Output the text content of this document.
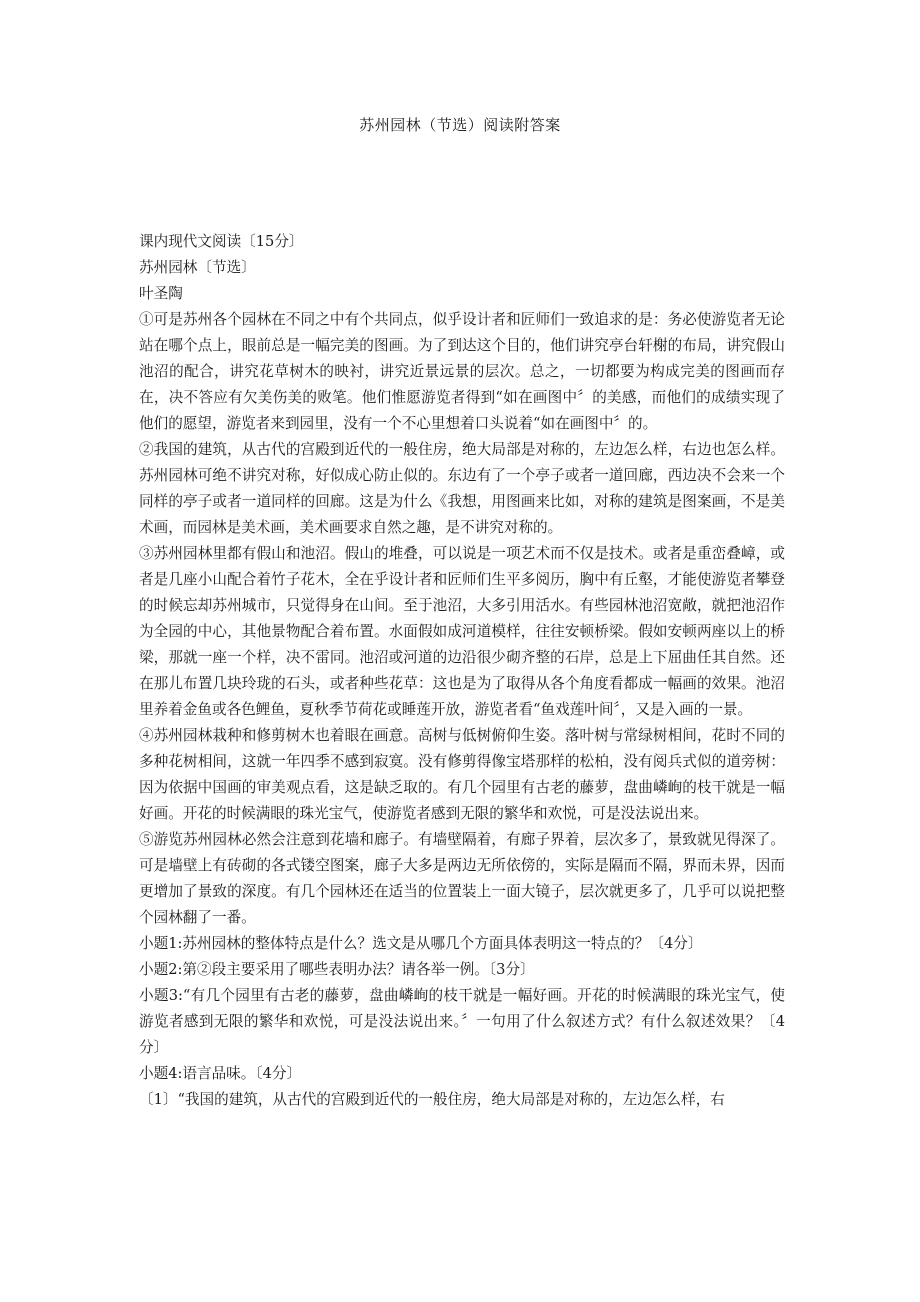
苏州园林（节选）阅读附答案

课内现代文阅读〔15分〕

苏州园林〔节选〕

叶圣陶

①可是苏州各个园林在不同之中有个共同点，似乎设计者和匠师们一致追求的是：务必使游览者无论站在哪个点上，眼前总是一幅完美的图画。为了到达这个目的，他们讲究亭台轩榭的布局，讲究假山池沼的配合，讲究花草树木的映衬，讲究近景远景的层次。总之，一切都要为构成完美的图画而存在，决不答应有欠美伤美的败笔。他们惟愿游览者得到“如在画图中〞的美感，而他们的成绩实现了他们的愿望，游览者来到园里，没有一个不心里想着口头说着“如在画图中〞的。

②我国的建筑，从古代的宫殿到近代的一般住房，绝大局部是对称的，左边怎么样，右边也怎么样。苏州园林可绝不讲究对称，好似成心防止似的。东边有了一个亭子或者一道回廊，西边决不会来一个同样的亭子或者一道同样的回廊。这是为什么《我想，用图画来比如，对称的建筑是图案画，不是美术画，而园林是美术画，美术画要求自然之趣，是不讲究对称的。

③苏州园林里都有假山和池沼。假山的堆叠，可以说是一项艺术而不仅是技术。或者是重峦叠嶂，或者是几座小山配合着竹子花木，全在乎设计者和匠师们生平多阅历，胸中有丘壑，才能使游览者攀登的时候忘却苏州城市，只觉得身在山间。至于池沼，大多引用活水。有些园林池沼宽敞，就把池沼作为全园的中心，其他景物配合着布置。水面假如成河道模样，往往安顿桥梁。假如安顿两座以上的桥梁，那就一座一个样，决不雷同。池沼或河道的边沿很少砌齐整的石岸，总是上下屈曲任其自然。还在那儿布置几块玲珑的石头，或者种些花草：这也是为了取得从各个角度看都成一幅画的效果。池沼里养着金鱼或各色鲤鱼，夏秋季节荷花或睡莲开放，游览者看“鱼戏莲叶间〞，又是入画的一景。

④苏州园林栽种和修剪树木也着眼在画意。高树与低树俯仰生姿。落叶树与常绿树相间，花时不同的多种花树相间，这就一年四季不感到寂寞。没有修剪得像宝塔那样的松柏，没有阅兵式似的道旁树：因为依据中国画的审美观点看，这是缺乏取的。有几个园里有古老的藤萝，盘曲嶙峋的枝干就是一幅好画。开花的时候满眼的珠光宝气，使游览者感到无限的繁华和欢悦，可是没法说出来。

⑤游览苏州园林必然会注意到花墙和廊子。有墙壁隔着，有廊子界着，层次多了，景致就见得深了。可是墙壁上有砖砌的各式镂空图案，廊子大多是两边无所依傍的，实际是隔而不隔，界而未界，因而更增加了景致的深度。有几个园林还在适当的位置装上一面大镜子，层次就更多了，几乎可以说把整个园林翻了一番。

小题1:苏州园林的整体特点是什么？选文是从哪几个方面具体表明这一特点的？〔4分〕

小题2:第②段主要采用了哪些表明办法？请各举一例。〔3分〕

小题3:“有几个园里有古老的藤萝，盘曲嶙峋的枝干就是一幅好画。开花的时候满眼的珠光宝气，使游览者感到无限的繁华和欢悦，可是没法说出来。〞一句用了什么叙述方式？有什么叙述效果？〔4分〕

小题4:语言品味。〔4分〕

〔1〕“我国的建筑，从古代的宫殿到近代的一般住房，绝大局部是对称的，左边怎么样，右
